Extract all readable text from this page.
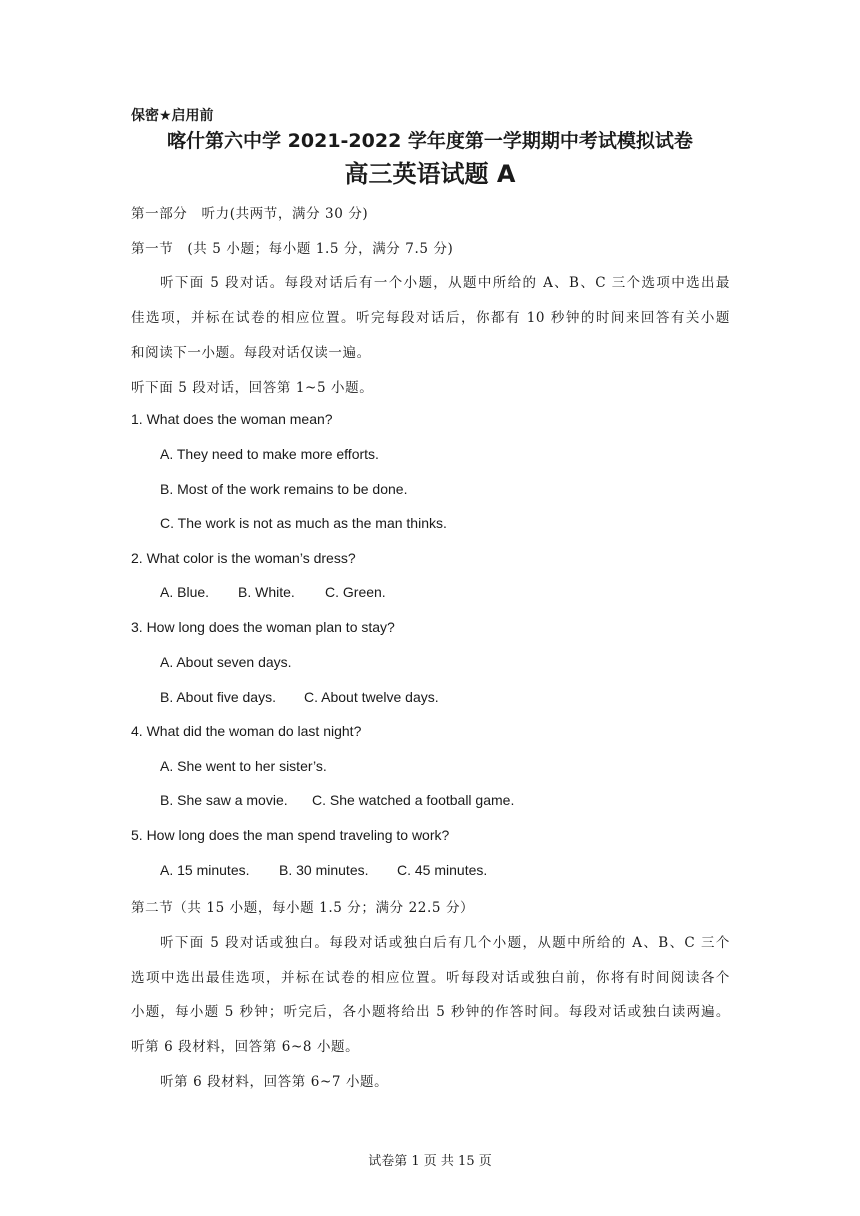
保密★启用前
喀什第六中学 2021-2022 学年度第一学期期中考试模拟试卷
高三英语试题 A
第一部分　听力(共两节，满分 30 分)
第一节　(共 5 小题；每小题 1.5 分，满分 7.5 分)
听下面 5 段对话。每段对话后有一个小题，从题中所给的 A、B、C 三个选项中选出最
佳选项，并标在试卷的相应位置。听完每段对话后，你都有 10 秒钟的时间来回答有关小题
和阅读下一小题。每段对话仅读一遍。
听下面 5 段对话，回答第 1~5 小题。
1. What does the woman mean?
A. They need to make more efforts.
B. Most of the work remains to be done.
C. The work is not as much as the man thinks.
2. What color is the woman’s dress?
A. Blue. B. White. C. Green.
3. How long does the woman plan to stay?
A. About seven days.
B. About five days. C. About twelve days.
4. What did the woman do last night?
A. She went to her sister’s.
B. She saw a movie. C. She watched a football game.
5. How long does the man spend traveling to work?
A. 15 minutes. B. 30 minutes. C. 45 minutes.
第二节（共 15 小题，每小题 1.5 分；满分 22.5 分）
听下面 5 段对话或独白。每段对话或独白后有几个小题，从题中所给的 A、B、C 三个
选项中选出最佳选项，并标在试卷的相应位置。听每段对话或独白前，你将有时间阅读各个
小题，每小题 5 秒钟；听完后，各小题将给出 5 秒钟的作答时间。每段对话或独白读两遍。
听第 6 段材料，回答第 6~8 小题。
听第 6 段材料，回答第 6~7 小题。
试卷第 1 页 共 15 页
